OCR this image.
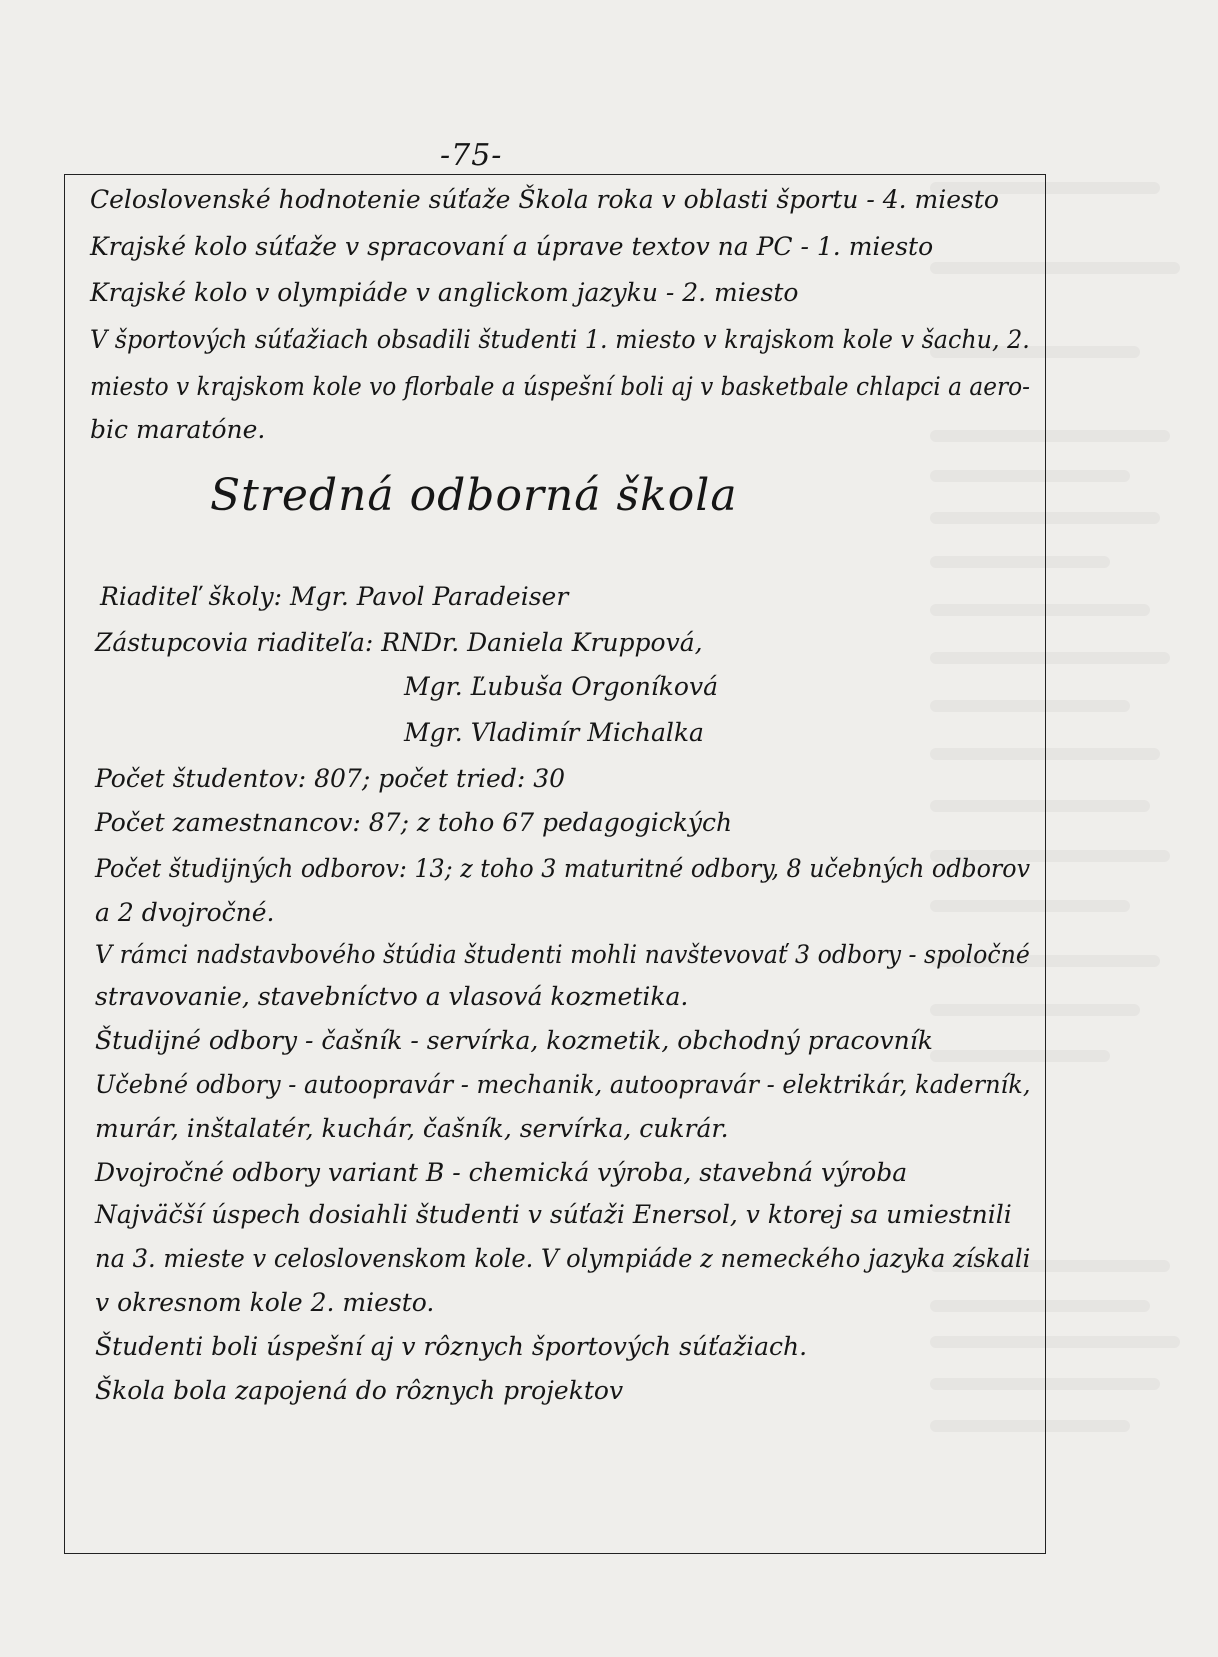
-75-
Celoslovenské hodnotenie súťaže Škola roka v oblasti športu - 4. miesto
Krajské kolo súťaže v spracovaní a úprave textov na PC - 1. miesto
Krajské kolo v olympiáde v anglickom jazyku - 2. miesto
V športových súťažiach obsadili študenti 1. miesto v krajskom kole v šachu, 2.
miesto v krajskom kole vo florbale a úspešní boli aj v basketbale chlapci a aero-
bic maratóne.
Stredná odborná škola
Riaditeľ školy: Mgr. Pavol Paradeiser
Zástupcovia riaditeľa: RNDr. Daniela Kruppová,
Mgr. Ľubuša Orgoníková
Mgr. Vladimír Michalka
Počet študentov: 807; počet tried: 30
Počet zamestnancov: 87; z toho 67 pedagogických
Počet študijných odborov: 13; z toho 3 maturitné odbory, 8 učebných odborov
a 2 dvojročné.
V rámci nadstavbového štúdia študenti mohli navštevovať 3 odbory - spoločné
stravovanie, stavebníctvo a vlasová kozmetika.
Študijné odbory - čašník - servírka, kozmetik, obchodný pracovník
Učebné odbory - autoopravár - mechanik, autoopravár - elektrikár, kaderník,
murár, inštalatér, kuchár, čašník, servírka, cukrár.
Dvojročné odbory variant B - chemická výroba, stavebná výroba
Najväčší úspech dosiahli študenti v súťaži Enersol, v ktorej sa umiestnili
na 3. mieste v celoslovenskom kole. V olympiáde z nemeckého jazyka získali
v okresnom kole 2. miesto.
Študenti boli úspešní aj v rôznych športových súťažiach.
Škola bola zapojená do rôznych projektov
